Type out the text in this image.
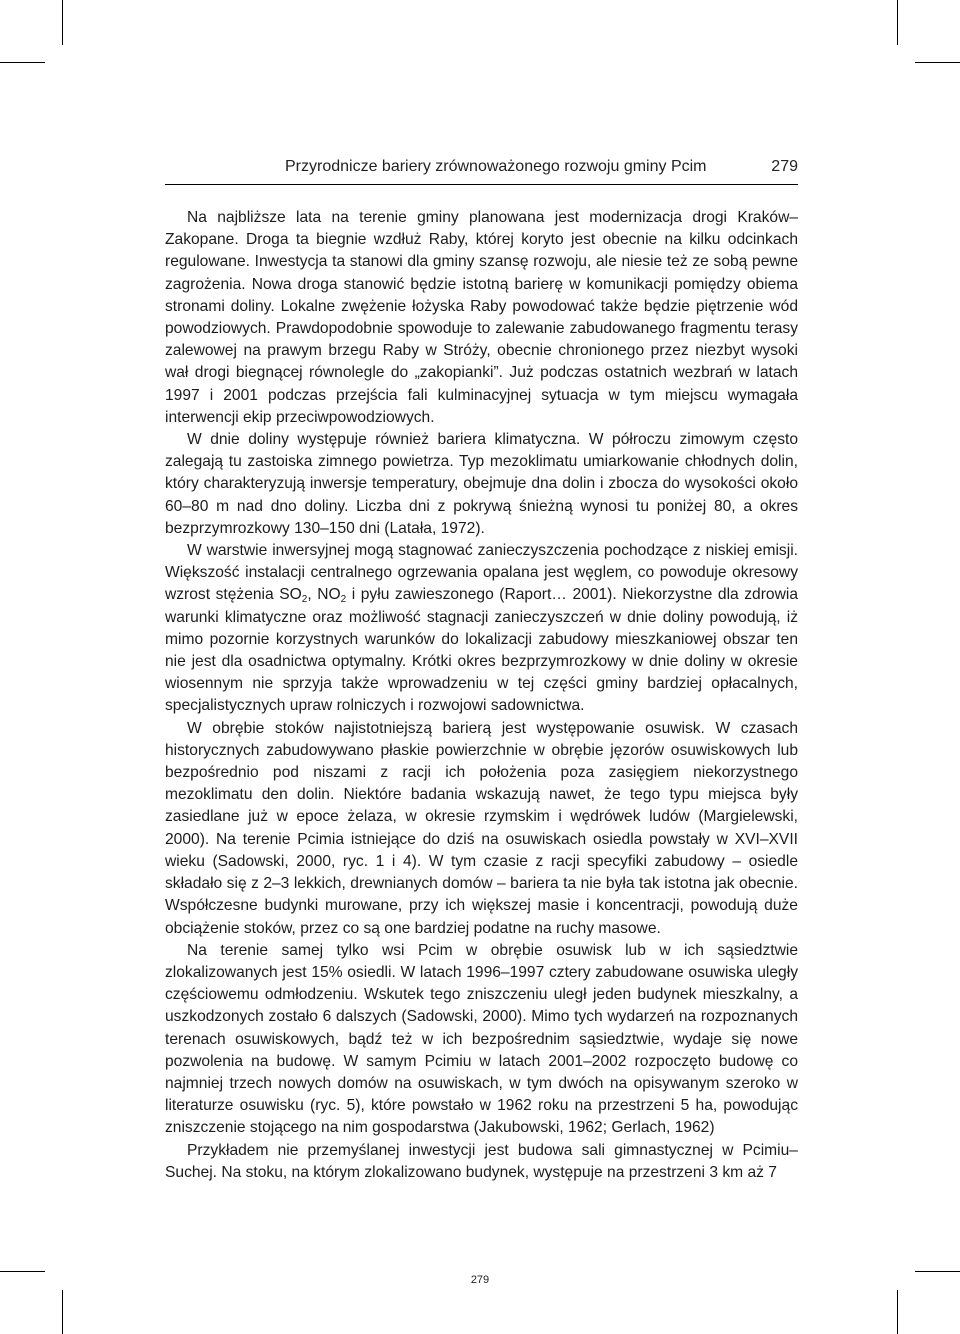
Przyrodnicze bariery zrównoważonego rozwoju gminy Pcim	279

Na najbliższe lata na terenie gminy planowana jest modernizacja drogi Kraków–Zakopane. Droga ta biegnie wzdłuż Raby, której koryto jest obecnie na kilku odcinkach regulowane. Inwestycja ta stanowi dla gminy szansę rozwoju, ale niesie też ze sobą pewne zagrożenia. Nowa droga stanowić będzie istotną barierę w komunikacji pomiędzy obiema stronami doliny. Lokalne zwężenie łożyska Raby powodować także będzie piętrzenie wód powodziowych. Prawdopodobnie spowoduje to zalewanie zabudowanego fragmentu terasy zalewowej na prawym brzegu Raby w Stróży, obecnie chronionego przez niezbyt wysoki wał drogi biegnącej równolegle do „zakopianki”. Już podczas ostatnich wezbrań w latach 1997 i 2001 podczas przejścia fali kulminacyjnej sytuacja w tym miejscu wymagała interwencji ekip przeciwpowodziowych.

W dnie doliny występuje również bariera klimatyczna. W półroczu zimowym często zalegają tu zastoiska zimnego powietrza. Typ mezoklimatu umiarkowanie chłodnych dolin, który charakteryzują inwersje temperatury, obejmuje dna dolin i zbocza do wysokości około 60–80 m nad dno doliny. Liczba dni z pokrywą śnieżną wynosi tu poniżej 80, a okres bezprzymrozkowy 130–150 dni (Latała, 1972).

W warstwie inwersyjnej mogą stagnować zanieczyszczenia pochodzące z niskiej emisji. Większość instalacji centralnego ogrzewania opalana jest węglem, co powoduje okresowy wzrost stężenia $SO_2$, $NO_2$ i pyłu zawieszonego (Raport… 2001). Niekorzystne dla zdrowia warunki klimatyczne oraz możliwość stagnacji zanieczyszczeń w dnie doliny powodują, iż mimo pozornie korzystnych warunków do lokalizacji zabudowy mieszkaniowej obszar ten nie jest dla osadnictwa optymalny. Krótki okres bezprzymrozkowy w dnie doliny w okresie wiosennym nie sprzyja także wprowadzeniu w tej części gminy bardziej opłacalnych, specjalistycznych upraw rolniczych i rozwojowi sadownictwa.

W obrębie stoków najistotniejszą barierą jest występowanie osuwisk. W czasach historycznych zabudowywano płaskie powierzchnie w obrębie jęzorów osuwiskowych lub bezpośrednio pod niszami z racji ich położenia poza zasięgiem niekorzystnego mezoklimatu den dolin. Niektóre badania wskazują nawet, że tego typu miejsca były zasiedlane już w epoce żelaza, w okresie rzymskim i wędrówek ludów (Margielewski, 2000). Na terenie Pcimia istniejące do dziś na osuwiskach osiedla powstały w XVI–XVII wieku (Sadowski, 2000, ryc. 1 i 4). W tym czasie z racji specyfiki zabudowy – osiedle składało się z 2–3 lekkich, drewnianych domów – bariera ta nie była tak istotna jak obecnie. Współczesne budynki murowane, przy ich większej masie i koncentracji, powodują duże obciążenie stoków, przez co są one bardziej podatne na ruchy masowe.

Na terenie samej tylko wsi Pcim w obrębie osuwisk lub w ich sąsiedztwie zlokalizowanych jest 15% osiedli. W latach 1996–1997 cztery zabudowane osuwiska uległy częściowemu odmłodzeniu. Wskutek tego zniszczeniu uległ jeden budynek mieszkalny, a uszkodzonych zostało 6 dalszych (Sadowski, 2000). Mimo tych wydarzeń na rozpoznanych terenach osuwiskowych, bądź też w ich bezpośrednim sąsiedztwie, wydaje się nowe pozwolenia na budowę. W samym Pcimiu w latach 2001–2002 rozpoczęto budowę co najmniej trzech nowych domów na osuwiskach, w tym dwóch na opisywanym szeroko w literaturze osuwisku (ryc. 5), które powstało w 1962 roku na przestrzeni 5 ha, powodując zniszczenie stojącego na nim gospodarstwa (Jakubowski, 1962; Gerlach, 1962)

Przykładem nie przemyślanej inwestycji jest budowa sali gimnastycznej w Pcimiu–Suchej. Na stoku, na którym zlokalizowano budynek, występuje na przestrzeni 3 km aż 7

279
